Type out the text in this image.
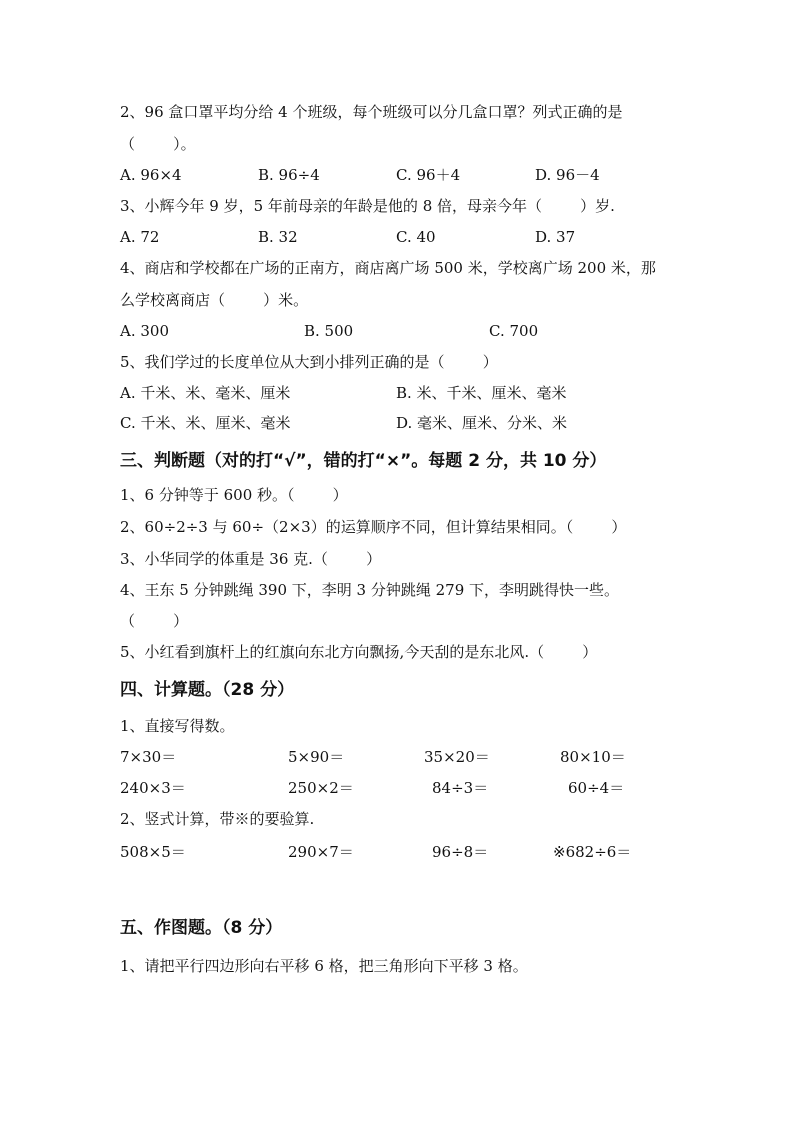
2、96 盒口罩平均分给 4 个班级，每个班级可以分几盒口罩？列式正确的是
（        ）。
A. 96×4	B. 96÷4	C. 96＋4	D. 96－4
3、小辉今年 9 岁，5 年前母亲的年龄是他的 8 倍，母亲今年（        ）岁.
A. 72	B. 32	C. 40	D. 37
4、商店和学校都在广场的正南方，商店离广场 500 米，学校离广场 200 米，那
么学校离商店（        ）米。
A. 300	B. 500	C. 700
5、我们学过的长度单位从大到小排列正确的是（        ）
A. 千米、米、毫米、厘米	B. 米、千米、厘米、毫米
C. 千米、米、厘米、毫米	D. 毫米、厘米、分米、米
三、判断题（对的打“√”，错的打“×”。每题 2 分，共 10 分）
1、6 分钟等于 600 秒。（        ）
2、60÷2÷3 与 60÷（2×3）的运算顺序不同，但计算结果相同。（        ）
3、小华同学的体重是 36 克.（        ）
4、王东 5 分钟跳绳 390 下，李明 3 分钟跳绳 279 下，李明跳得快一些。
（        ）
5、小红看到旗杆上的红旗向东北方向飘扬,今天刮的是东北风.（        ）
四、计算题。（28 分）
1、直接写得数。
7×30＝	5×90＝	35×20＝	80×10＝
240×3＝	250×2＝	84÷3＝	60÷4＝
2、竖式计算，带※的要验算.
508×5＝	290×7＝	96÷8＝	※682÷6＝
五、作图题。（8 分）
1、请把平行四边形向右平移 6 格，把三角形向下平移 3 格。
